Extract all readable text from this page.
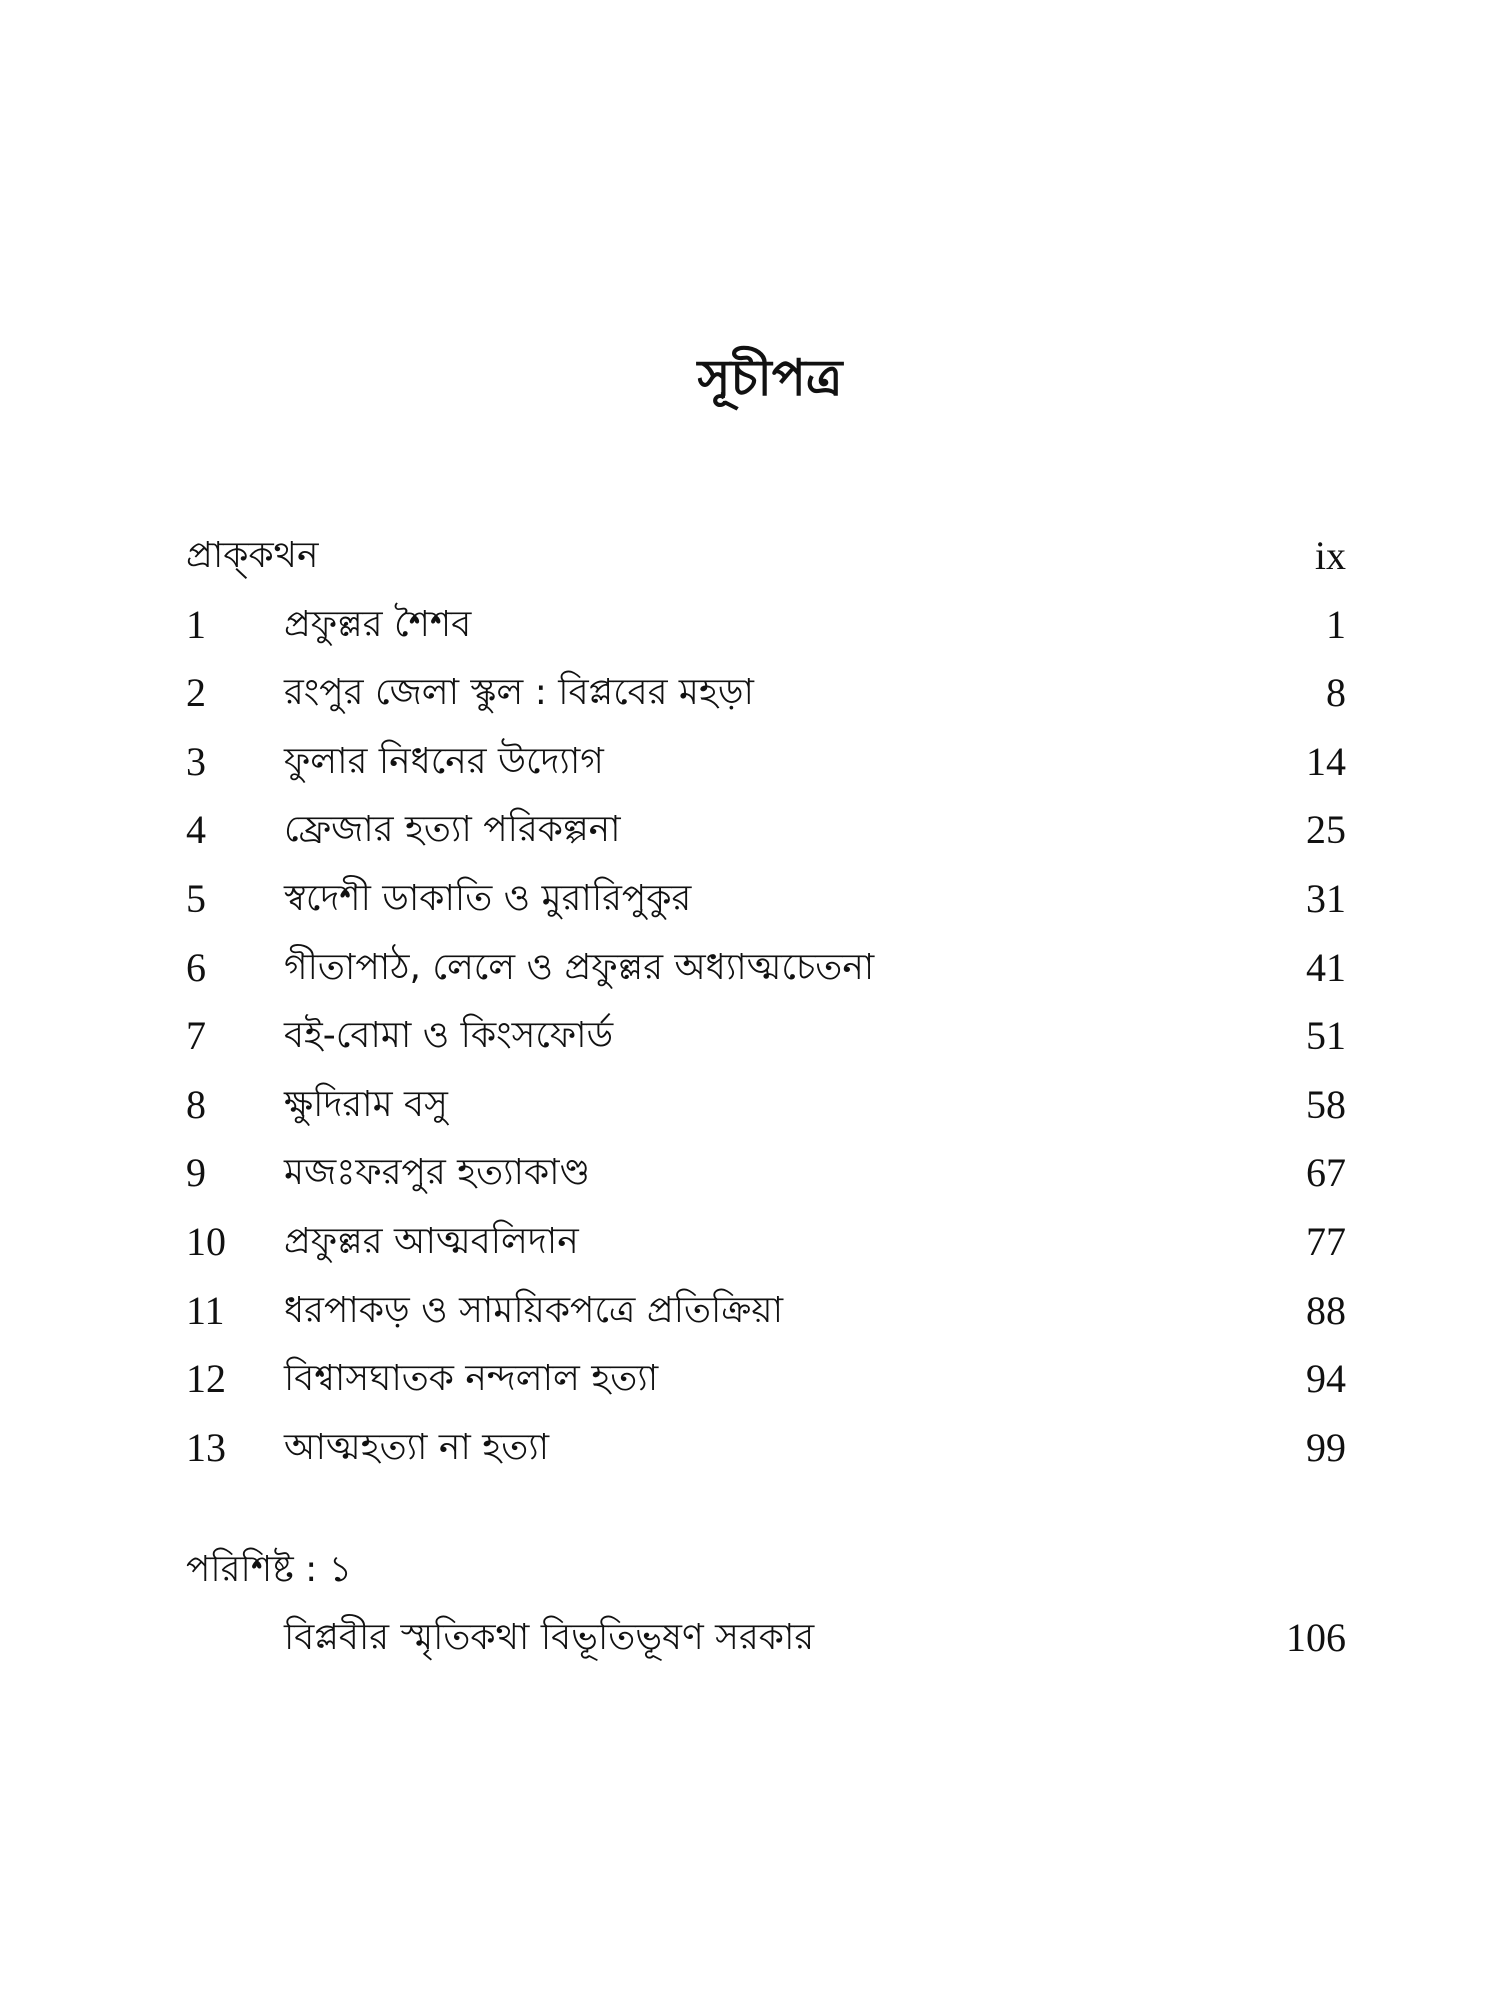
সূচীপত্র
প্রাক্‌কথন	ix
1 প্রফুল্লর শৈশব	1
2 রংপুর জেলা স্কুল : বিপ্লবের মহড়া	8
3 ফুলার নিধনের উদ্যোগ	14
4 ফ্রেজার হত্যা পরিকল্পনা	25
5 স্বদেশী ডাকাতি ও মুরারিপুকুর	31
6 গীতাপাঠ, লেলে ও প্রফুল্লর অধ্যাত্মচেতনা	41
7 বই-বোমা ও কিংসফোর্ড	51
8 ক্ষুদিরাম বসু	58
9 মজঃফরপুর হত্যাকাণ্ড	67
10 প্রফুল্লর আত্মবলিদান	77
11 ধরপাকড় ও সাময়িকপত্রে প্রতিক্রিয়া	88
12 বিশ্বাসঘাতক নন্দলাল হত্যা	94
13 আত্মহত্যা না হত্যা	99
পরিশিষ্ট : ১
বিপ্লবীর স্মৃতিকথা বিভূতিভূষণ সরকার	106
